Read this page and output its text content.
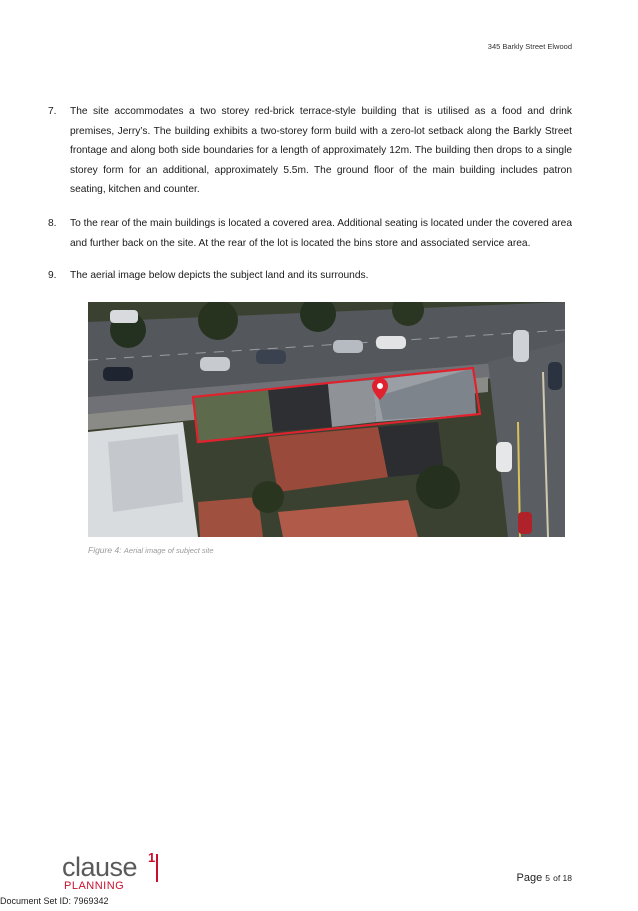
345 Barkly Street Elwood
7. The site accommodates a two storey red-brick terrace-style building that is utilised as a food and drink premises, Jerry’s. The building exhibits a two-storey form build with a zero-lot setback along the Barkly Street frontage and along both side boundaries for a length of approximately 12m. The building then drops to a single storey form for an additional, approximately 5.5m. The ground floor of the main building includes patron seating, kitchen and counter.
8. To the rear of the main buildings is located a covered area. Additional seating is located under the covered area and further back on the site. At the rear of the lot is located the bins store and associated service area.
9. The aerial image below depicts the subject land and its surrounds.
Figure 4: Aerial image of subject site
clause 1
PLANNING
Page 5 of 18
Document Set ID: 7969342
